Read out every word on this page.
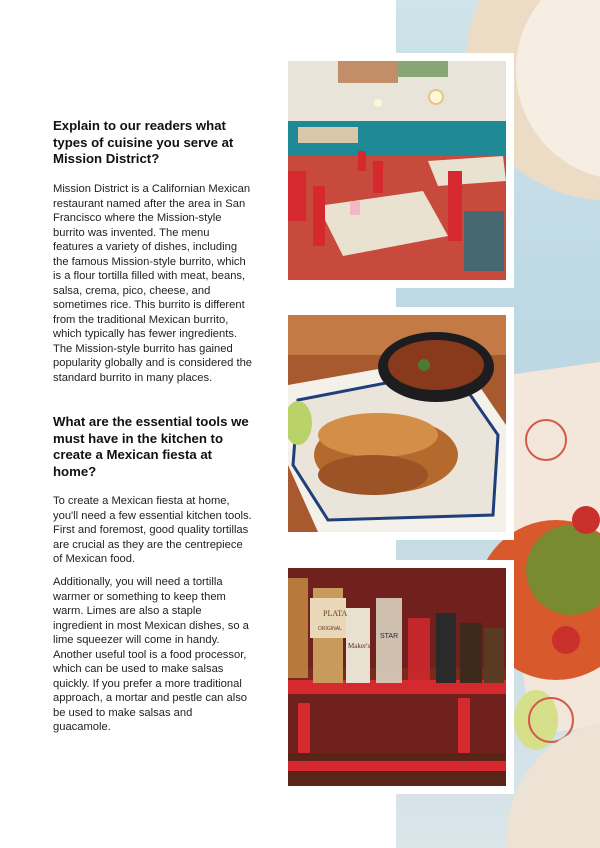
Explain to our readers what types of cuisine you serve at Mission District?

Mission District is a Californian Mexican restaurant named after the area in San Francisco where the Mission-style burrito was invented. The menu features a variety of dishes, including the famous Mission-style burrito, which is a flour tortilla filled with meat, beans, salsa, crema, pico, cheese, and sometimes rice. This burrito is different from the traditional Mexican burrito, which typically has fewer ingredients. The Mission-style burrito has gained popularity globally and is considered the standard burrito in many places.

What are the essential tools we must have in the kitchen to create a Mexican fiesta at home?

To create a Mexican fiesta at home, you'll need a few essential kitchen tools. First and foremost, good quality tortillas are crucial as they are the centrepiece of Mexican food.

Additionally, you will need a tortilla warmer or something to keep them warm. Limes are also a staple ingredient in most Mexican dishes, so a lime squeezer will come in handy. Another useful tool is a food processor, which can be used to make salsas quickly. If you prefer a more traditional approach, a mortar and pestle can also be used to make salsas and guacamole.

PLATA
ORIGINAL
Maker's
STAR
